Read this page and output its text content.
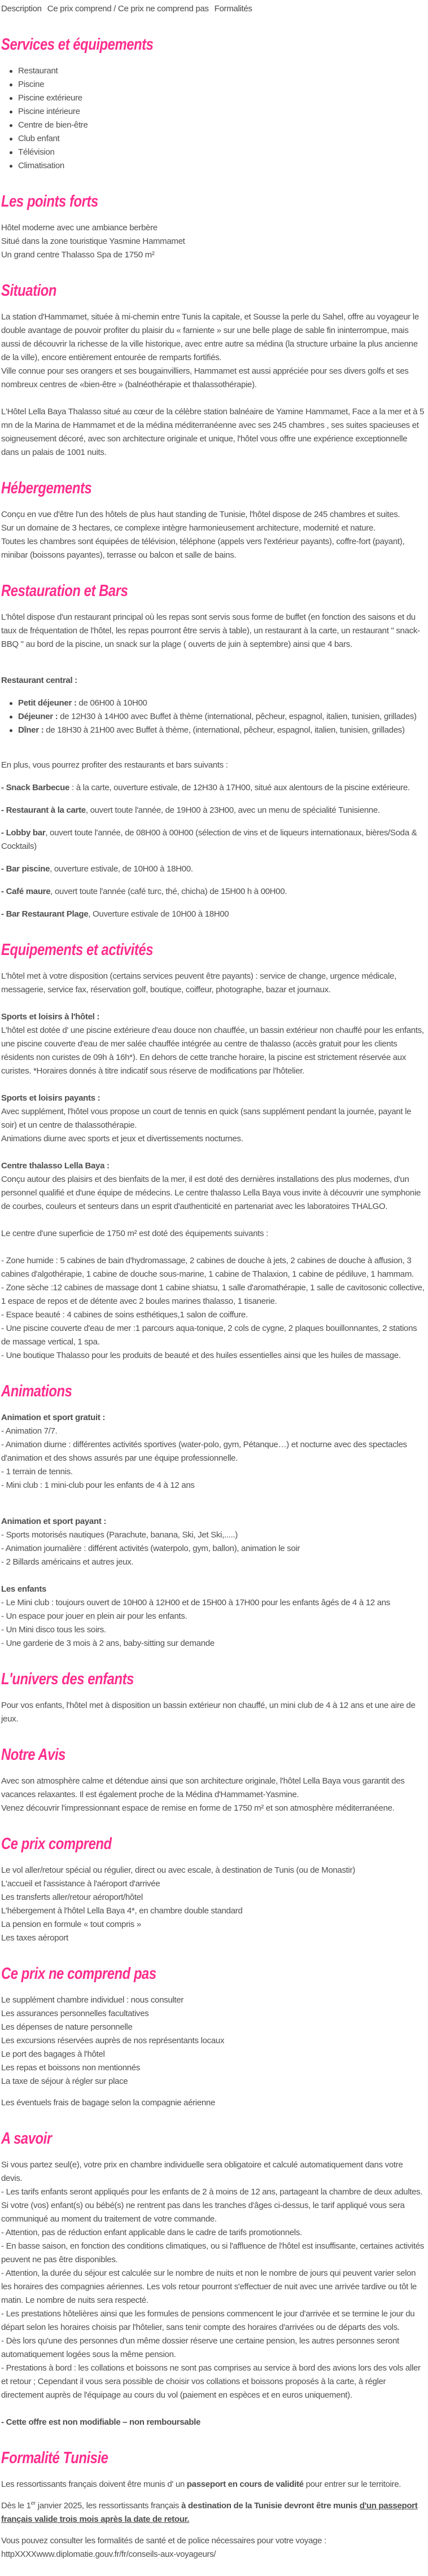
Description Ce prix comprend / Ce prix ne comprend pas Formalités
Services et équipements
Restaurant
Piscine
Piscine extérieure
Piscine intérieure
Centre de bien-être
Club enfant
Télévision
Climatisation
Les points forts

Hôtel moderne avec une ambiance berbère

Situé dans la zone touristique Yasmine Hammamet

Un grand centre Thalasso Spa de 1750 m²

Situation

La station d'Hammamet, située à mi-chemin entre Tunis la capitale, et Sousse la perle du Sahel, offre au voyageur le double avantage de pouvoir profiter du plaisir du « farniente » sur une belle plage de sable fin ininterrompue, mais aussi de découvrir la richesse de la ville historique, avec entre autre sa médina (la structure urbaine la plus ancienne de la ville), encore entièrement entourée de remparts fortifiés.

Ville connue pour ses orangers et ses bougainvilliers, Hammamet est aussi appréciée pour ses divers golfs et ses nombreux centres de «bien-être » (balnéothérapie et thalassothérapie).

L'Hôtel Lella Baya Thalasso situé au cœur de la célèbre station balnéaire de Yamine Hammamet, Face a la mer et à 5 mn de la Marina de Hammamet et de la médina méditerranéenne avec ses 245 chambres , ses suites spacieuses et soigneusement décoré, avec son architecture originale et unique, l'hôtel vous offre une expérience exceptionnelle dans un palais de 1001 nuits.

Hébergements

Conçu en vue d'être l'un des hôtels de plus haut standing de Tunisie, l'hôtel dispose de 245 chambres et suites.

Sur un domaine de 3 hectares, ce complexe intègre harmonieusement architecture, modernité et nature.

Toutes les chambres sont équipées de télévision, téléphone (appels vers l'extérieur payants), coffre-fort (payant), minibar (boissons payantes), terrasse ou balcon et salle de bains.

Restauration et Bars

L'hôtel dispose d'un restaurant principal où les repas sont servis sous forme de buffet (en fonction des saisons et du taux de fréquentation de l'hôtel, les repas pourront être servis à table), un restaurant à la carte, un restaurant " snack-BBQ " au bord de la piscine, un snack sur la plage ( ouverts de juin à septembre) ainsi que 4 bars.

Restaurant central :

Petit déjeuner : de 06H00 à 10H00
Déjeuner : de 12H30 à 14H00 avec Buffet à thème (international, pêcheur, espagnol, italien, tunisien, grillades)
Dîner : de 18H30 à 21H00 avec Buffet à thème, (international, pêcheur, espagnol, italien, tunisien, grillades)

En plus, vous pourrez profiter des restaurants et bars suivants :

- Snack Barbecue : à la carte, ouverture estivale, de 12H30 à 17H00, situé aux alentours de la piscine extérieure.

- Restaurant à la carte, ouvert toute l'année, de 19H00 à 23H00, avec un menu de spécialité Tunisienne.

- Lobby bar, ouvert toute l'année, de 08H00 à 00H00 (sélection de vins et de liqueurs internationaux, bières/Soda & Cocktails)

- Bar piscine, ouverture estivale, de 10H00 à 18H00.

- Café maure, ouvert toute l'année (café turc, thé, chicha) de 15H00 h à 00H00.

- Bar Restaurant Plage, Ouverture estivale de 10H00 à 18H00

Equipements et activités

L'hôtel met à votre disposition (certains services peuvent être payants) : service de change, urgence médicale, messagerie, service fax, réservation golf, boutique, coiffeur, photographe, bazar et journaux.

Sports et loisirs à l'hôtel :

L'hôtel est dotée d' une piscine extérieure d'eau douce non chauffée, un bassin extérieur non chauffé pour les enfants, une piscine couverte d'eau de mer salée chauffée intégrée au centre de thalasso (accès gratuit pour les clients résidents non curistes de 09h à 16h*). En dehors de cette tranche horaire, la piscine est strictement réservée aux curistes. *Horaires donnés à titre indicatif sous réserve de modifications par l'hôtelier.

Sports et loisirs payants :

Avec supplément, l'hôtel vous propose un court de tennis en quick (sans supplément pendant la journée, payant le soir) et un centre de thalassothérapie.

Animations diurne avec sports et jeux et divertissements nocturnes.

Centre thalasso Lella Baya :

Conçu autour des plaisirs et des bienfaits de la mer, il est doté des dernières installations des plus modernes, d'un personnel qualifié et d'une équipe de médecins. Le centre thalasso Lella Baya vous invite à découvrir une symphonie de courbes, couleurs et senteurs dans un esprit d'authenticité en partenariat avec les laboratoires THALGO.

Le centre d'une superficie de 1750 m² est doté des équipements suivants :

- Zone humide : 5 cabines de bain d'hydromassage, 2 cabines de douche à jets, 2 cabines de douche à affusion, 3 cabines d'algothérapie, 1 cabine de douche sous-marine, 1 cabine de Thalaxion, 1 cabine de pédiluve, 1 hammam.

- Zone sèche :12 cabines de massage dont 1 cabine shiatsu, 1 salle d'aromathérapie, 1 salle de cavitosonic collective, 1 espace de repos et de détente avec 2 boules marines thalasso, 1 tisanerie.

- Espace beauté : 4 cabines de soins esthétiques,1 salon de coiffure.

- Une piscine couverte d'eau de mer :1 parcours aqua-tonique, 2 cols de cygne, 2 plaques bouillonnantes, 2 stations de massage vertical, 1 spa.

- Une boutique Thalasso pour les produits de beauté et des huiles essentielles ainsi que les huiles de massage.

Animations

Animation et sport gratuit :

- Animation 7/7.

- Animation diurne : différentes activités sportives (water-polo, gym, Pétanque…) et nocturne avec des spectacles d'animation et des shows assurés par une équipe professionnelle.

- 1 terrain de tennis.

- Mini club : 1 mini-club pour les enfants de 4 à 12 ans

Animation et sport payant :

- Sports motorisés nautiques (Parachute, banana, Ski, Jet Ski,.....)

- Animation journalière : différent activités (waterpolo, gym, ballon), animation le soir

- 2 Billards américains et autres jeux.

Les enfants

- Le Mini club : toujours ouvert de 10H00 à 12H00 et de 15H00 à 17H00 pour les enfants âgés de 4 à 12 ans

- Un espace pour jouer en plein air pour les enfants.

- Un Mini disco tous les soirs.

- Une garderie de 3 mois à 2 ans, baby-sitting sur demande

L'univers des enfants

Pour vos enfants, l'hôtel met à disposition un bassin extérieur non chauffé, un mini club de 4 à 12 ans et une aire de jeux.

Notre Avis

Avec son atmosphère calme et détendue ainsi que son architecture originale, l'hôtel Lella Baya vous garantit des vacances relaxantes. Il est également proche de la Médina d'Hammamet-Yasmine.

Venez découvrir l'impressionnant espace de remise en forme de 1750 m² et son atmosphère méditerranéene.

Ce prix comprend

Le vol aller/retour spécial ou régulier, direct ou avec escale, à destination de Tunis (ou de Monastir)

L'accueil et l'assistance à l'aéroport d'arrivée

Les transferts aller/retour aéroport/hôtel

L'hébergement à l'hôtel Lella Baya 4*, en chambre double standard

La pension en formule « tout compris »

Les taxes aéroport

Ce prix ne comprend pas

Le supplément chambre individuel : nous consulter

Les assurances personnelles facultatives

Les dépenses de nature personnelle

Les excursions réservées auprès de nos représentants locaux

Le port des bagages à l'hôtel

Les repas et boissons non mentionnés

La taxe de séjour à régler sur place

Les éventuels frais de bagage selon la compagnie aérienne

A savoir

Si vous partez seul(e), votre prix en chambre individuelle sera obligatoire et calculé automatiquement dans votre devis.

- Les tarifs enfants seront appliqués pour les enfants de 2 à moins de 12 ans, partageant la chambre de deux adultes. Si votre (vos) enfant(s) ou bébé(s) ne rentrent pas dans les tranches d'âges ci-dessus, le tarif appliqué vous sera communiqué au moment du traitement de votre commande.

- Attention, pas de réduction enfant applicable dans le cadre de tarifs promotionnels.

- En basse saison, en fonction des conditions climatiques, ou si l'affluence de l'hôtel est insuffisante, certaines activités peuvent ne pas être disponibles.

- Attention, la durée du séjour est calculée sur le nombre de nuits et non le nombre de jours qui peuvent varier selon les horaires des compagnies aériennes. Les vols retour pourront s'effectuer de nuit avec une arrivée tardive ou tôt le matin. Le nombre de nuits sera respecté.

- Les prestations hôtelières ainsi que les formules de pensions commencent le jour d'arrivée et se termine le jour du départ selon les horaires choisis par l'hôtelier, sans tenir compte des horaires d'arrivées ou de départs des vols.

- Dès lors qu'une des personnes d'un même dossier réserve une certaine pension, les autres personnes seront automatiquement logées sous la même pension.

- Prestations à bord : les collations et boissons ne sont pas comprises au service à bord des avions lors des vols aller et retour ; Cependant il vous sera possible de choisir vos collations et boissons proposés à la carte, à régler directement auprès de l'équipage au cours du vol (paiement en espèces et en euros uniquement).

- Cette offre est non modifiable – non remboursable

Formalité Tunisie

Les ressortissants français doivent être munis d' un passeport en cours de validité pour entrer sur le territoire.

Dès le 1er janvier 2025, les ressortissants français à destination de la Tunisie devront être munis d'un passeport français valide trois mois après la date de retour.

Vous pouvez consulter les formalités de santé et de police nécessaires pour votre voyage :

httpXXXXwww.diplomatie.gouv.fr/fr/conseils-aux-voyageurs/
